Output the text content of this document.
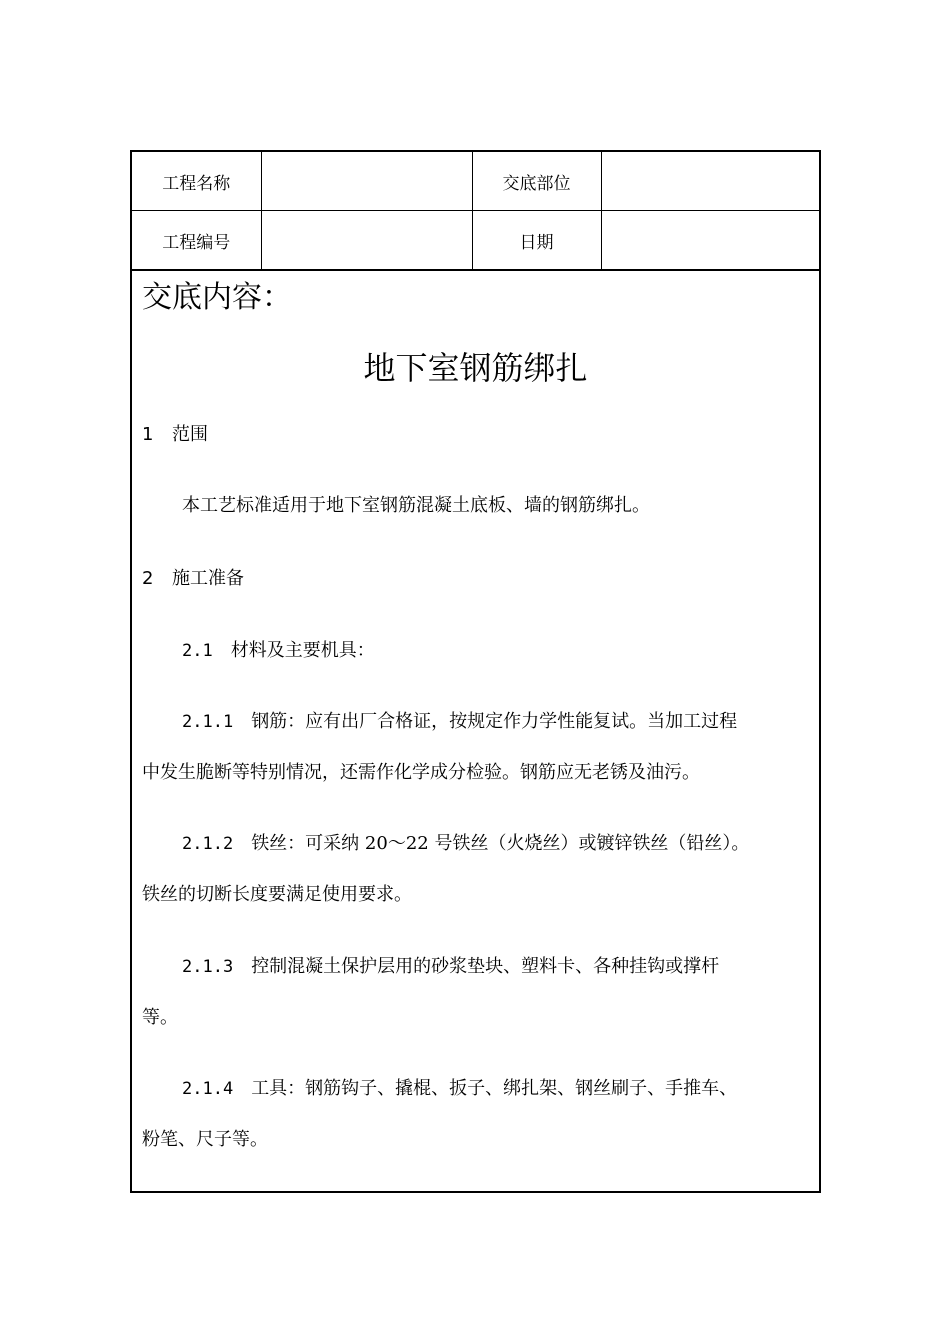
工程名称		交底部位	
工程编号		日期	

交底内容：

地下室钢筋绑扎

1 范围

本工艺标准适用于地下室钢筋混凝土底板、墙的钢筋绑扎。

2 施工准备

2.1 材料及主要机具：

2.1.1 钢筋：应有出厂合格证，按规定作力学性能复试。当加工过程

中发生脆断等特别情况，还需作化学成分检验。钢筋应无老锈及油污。

2.1.2 铁丝：可采纳 20～22 号铁丝（火烧丝）或镀锌铁丝（铅丝）。

铁丝的切断长度要满足使用要求。

2.1.3 控制混凝土保护层用的砂浆垫块、塑料卡、各种挂钩或撑杆

等。

2.1.4 工具：钢筋钩子、撬棍、扳子、绑扎架、钢丝刷子、手推车、

粉笔、尺子等。
